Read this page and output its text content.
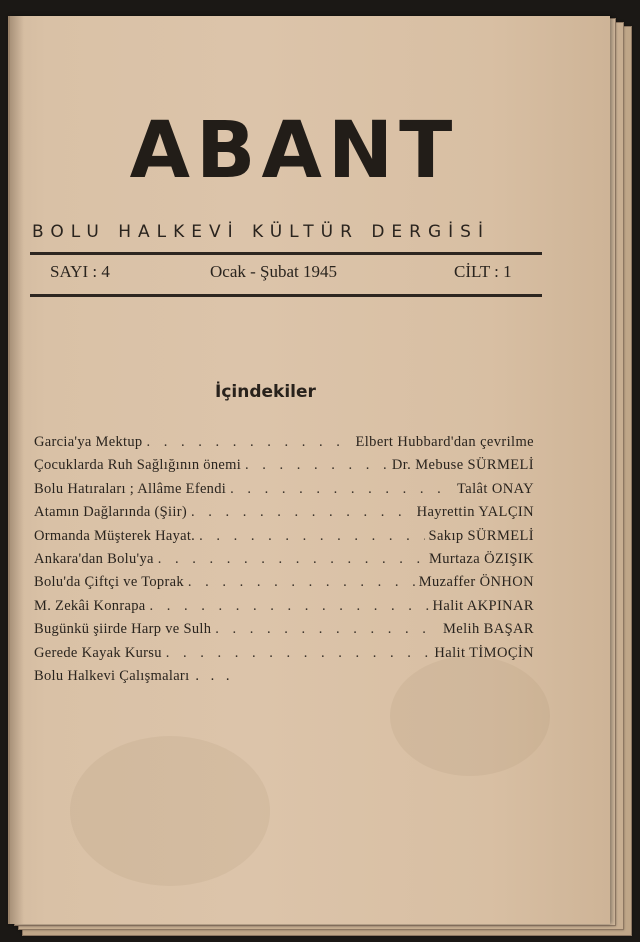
ABANT
BOLU HALKEVİ KÜLTÜR DERGİSİ
SAYI : 4	Ocak - Şubat 1945	CİLT : 1
İçindekiler
Garcia'ya Mektup . . .	Elbert Hubbard'dan çevrilme
Çocuklarda Ruh Sağlığının önemi . . .	Dr. Mebuse SÜRMELİ
Bolu Hatıraları ; Allâme Efendi . . .	Talât ONAY
Atamın Dağlarında (Şiir) . . .	Hayrettin YALÇIN
Ormanda Müşterek Hayat. . . .	Sakıp SÜRMELİ
Ankara'dan Bolu'ya . . .	Murtaza ÖZIŞIK
Bolu'da Çiftçi ve Toprak . . .	Muzaffer ÖNHON
M. Zekâi Konrapa . . .	Halit AKPINAR
Bugünkü şiirde Harp ve Sulh . . .	Melih BAŞAR
Gerede Kayak Kursu . . .	Halit TİMOÇİN
Bolu Halkevi Çalışmaları . . .
